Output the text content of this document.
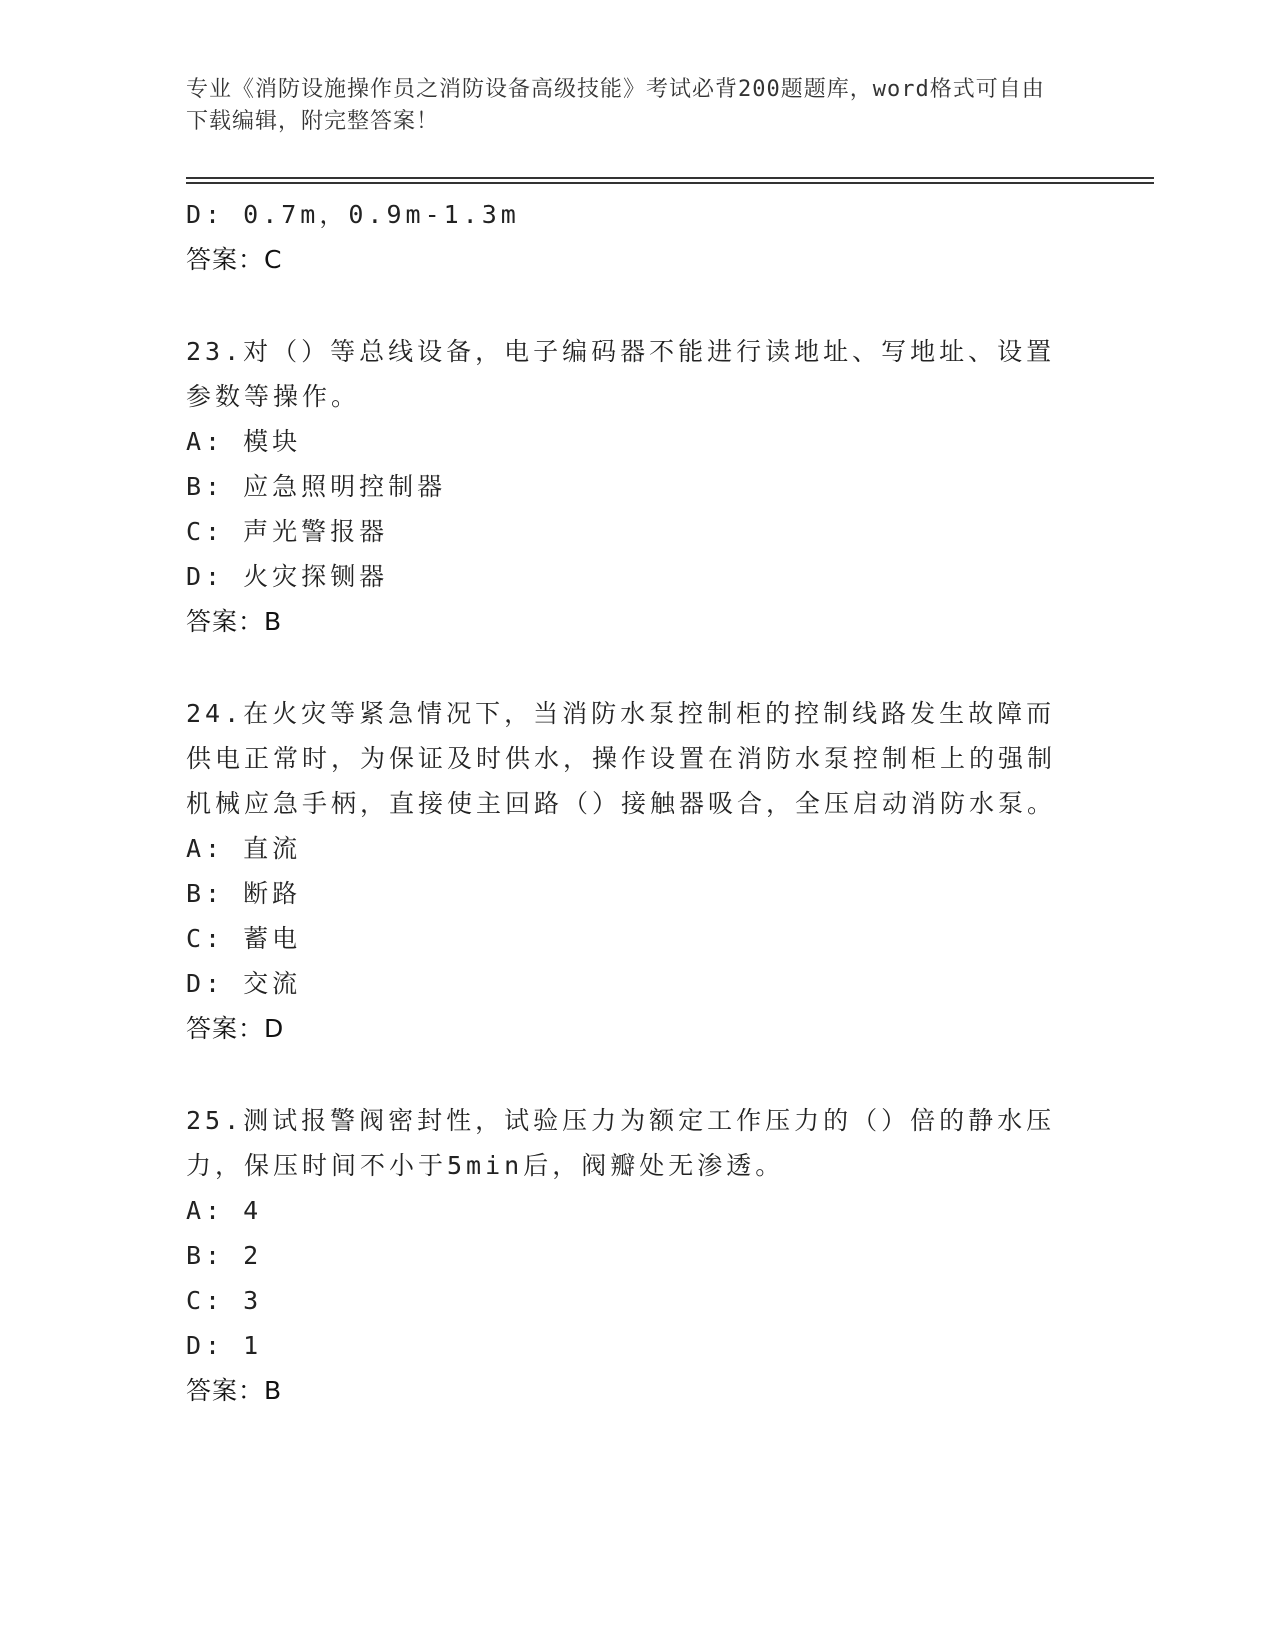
专业《消防设施操作员之消防设备高级技能》考试必背200题题库，word格式可自由下载编辑，附完整答案！
D: 0.7m，0.9m-1.3m
答案：C
23.对（）等总线设备，电子编码器不能进行读地址、写地址、设置参数等操作。
A: 模块
B: 应急照明控制器
C: 声光警报器
D: 火灾探铡器
答案：B
24.在火灾等紧急情况下，当消防水泵控制柜的控制线路发生故障而供电正常时，为保证及时供水，操作设置在消防水泵控制柜上的强制机械应急手柄，直接使主回路（）接触器吸合，全压启动消防水泵。
A: 直流
B: 断路
C: 蓄电
D: 交流
答案：D
25.测试报警阀密封性，试验压力为额定工作压力的（）倍的静水压力，保压时间不小于5min后，阀瓣处无渗透。
A: 4
B: 2
C: 3
D: 1
答案：B
